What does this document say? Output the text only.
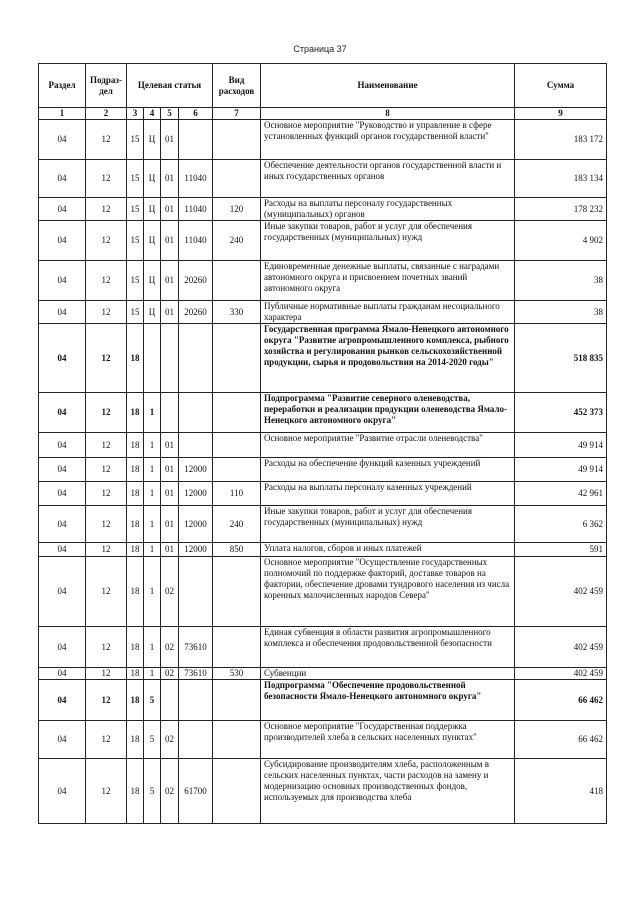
Страница 37
Раздел	Подраз-дел	Целевая статья				Вид расходов	Наименование	Сумма
1	2	3	4	5	6	7	8	9
04	12	15	Ц	01			Основное мероприятие "Руководство и управление в сфере установленных функций органов государственной власти"	183 172
04	12	15	Ц	01	11040		Обеспечение деятельности органов государственной власти и иных государственных органов	183 134
04	12	15	Ц	01	11040	120	Расходы на выплаты персоналу государственных (муниципальных) органов	178 232
04	12	15	Ц	01	11040	240	Иные закупки товаров, работ и услуг для обеспечения государственных (муниципальных) нужд	4 902
04	12	15	Ц	01	20260		Единовременные денежные выплаты, связанные с наградами автономного округа и присвоением почетных званий автономного округа	38
04	12	15	Ц	01	20260	330	Публичные нормативные выплаты гражданам несоциального характера	38
04	12	18					Государственная программа Ямало-Ненецкого автономного округа "Развитие агропромышленного комплекса, рыбного хозяйства и регулирования рынков сельскохозяйственной продукции, сырья и продовольствия на 2014-2020 годы"	518 835
04	12	18	1				Подпрограмма "Развитие северного оленеводства, переработки и реализации продукции оленеводства Ямало-Ненецкого автономного округа"	452 373
04	12	18	1	01			Основное мероприятие "Развитие отрасли оленеводства"	49 914
04	12	18	1	01	12000		Расходы на обеспечение функций казенных учреждений	49 914
04	12	18	1	01	12000	110	Расходы на выплаты персоналу казенных учреждений	42 961
04	12	18	1	01	12000	240	Иные закупки товаров, работ и услуг для обеспечения государственных (муниципальных) нужд	6 362
04	12	18	1	01	12000	850	Уплата налогов, сборов и иных платежей	591
04	12	18	1	02			Основное мероприятие "Осуществление государственных полномочий по поддержке факторий, доставке товаров на фактории, обеспечение дровами тундрового населения из числа коренных малочисленных народов Севера"	402 459
04	12	18	1	02	73610		Единая субвенция в области развития агропромышленного комплекса и обеспечения продовольственной безопасности	402 459
04	12	18	1	02	73610	530	Субвенции	402 459
04	12	18	5				Подпрограмма "Обеспечение продовольственной безопасности Ямало-Ненецкого автономного округа"	66 462
04	12	18	5	02			Основное мероприятие "Государственная поддержка производителей хлеба в сельских населенных пунктах"	66 462
04	12	18	5	02	61700		Субсидирование производителям хлеба, расположенным в сельских населенных пунктах, части расходов на замену и модернизацию основных производственных фондов, используемых для производства хлеба	418
